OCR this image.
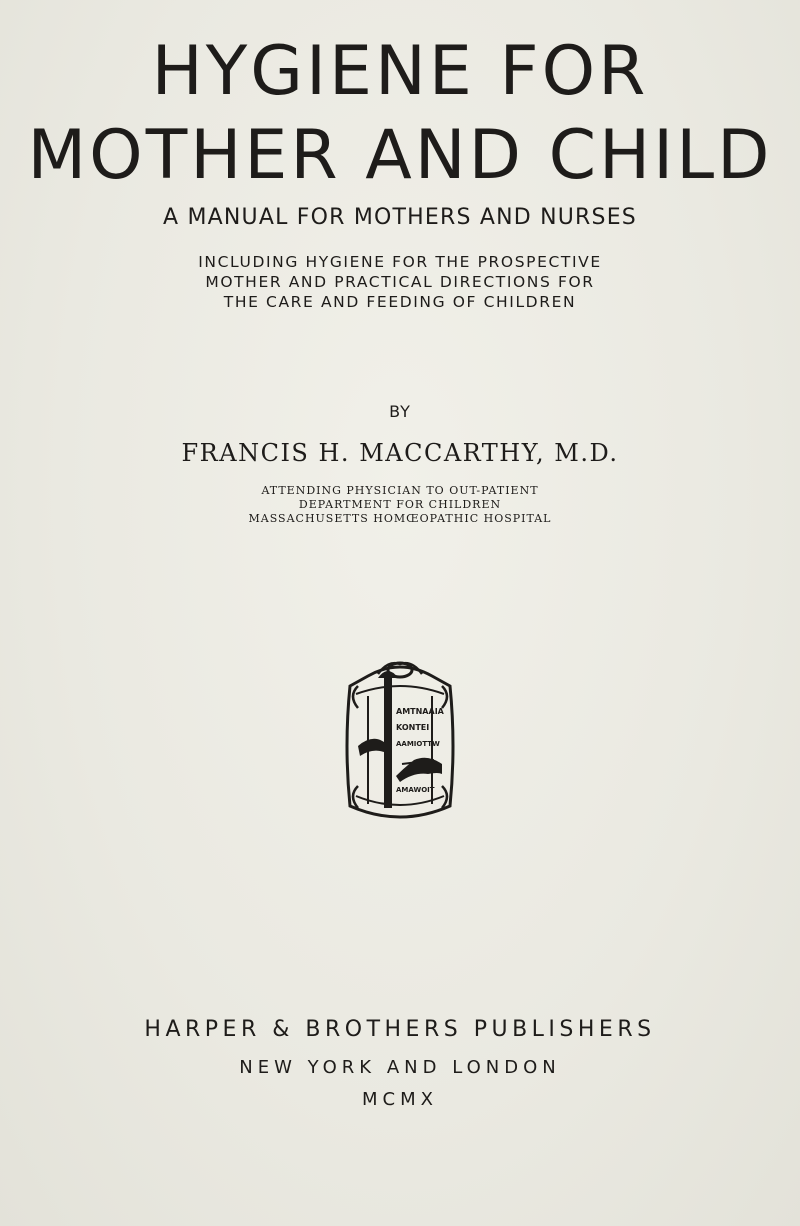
HYGIENE FOR
MOTHER AND CHILD
A MANUAL FOR MOTHERS AND NURSES
INCLUDING HYGIENE FOR THE PROSPECTIVE
MOTHER AND PRACTICAL DIRECTIONS FOR
THE CARE AND FEEDING OF CHILDREN
BY
FRANCIS H. MACCARTHY, M.D.
ATTENDING PHYSICIAN TO OUT-PATIENT
DEPARTMENT FOR CHILDREN
MASSACHUSETTS HOMŒOPATHIC HOSPITAL
AMTNAAIA
KONTEI
AAMIOTTW
AMAWOIT
HARPER & BROTHERS PUBLISHERS
NEW YORK AND LONDON
MCMX
